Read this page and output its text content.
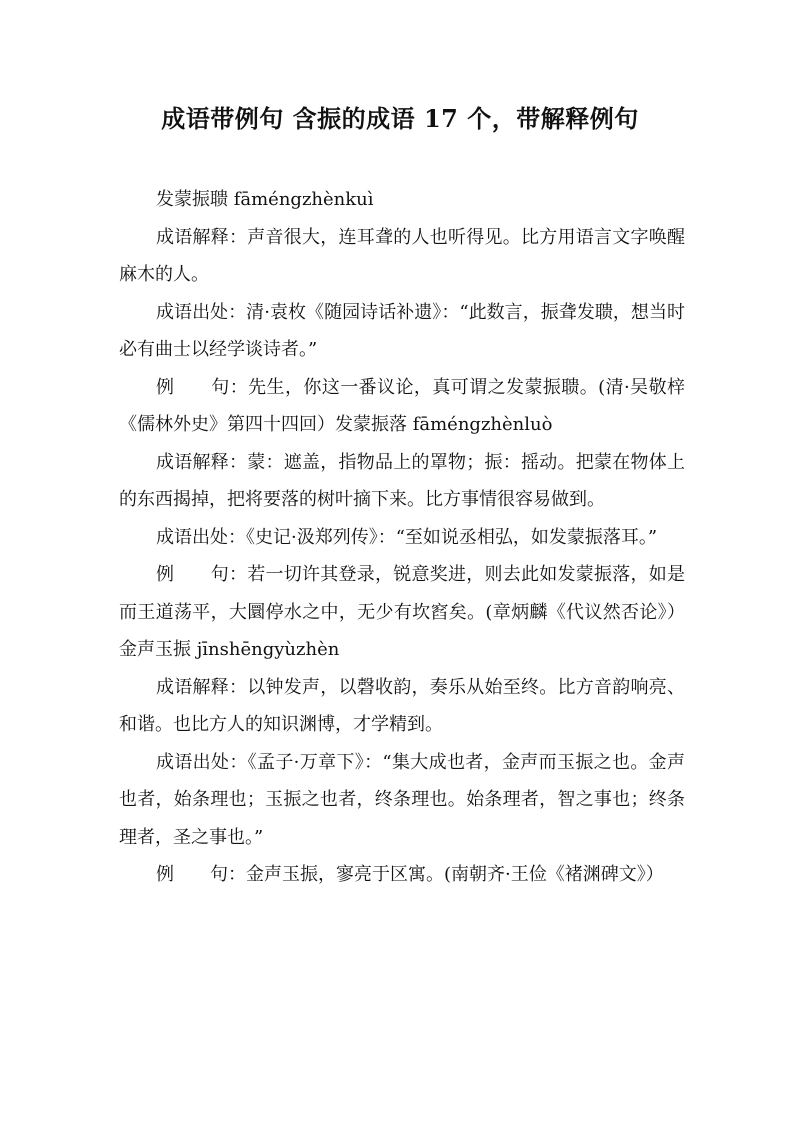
成语带例句 含振的成语 17 个，带解释例句

发蒙振聩 fāméngzhènkuì

成语解释：声音很大，连耳聋的人也听得见。比方用语言文字唤醒麻木的人。

成语出处：清·袁枚《随园诗话补遗》：“此数言，振聋发聩，想当时必有曲士以经学谈诗者。”

例　　句：先生，你这一番议论，真可谓之发蒙振聩。(清·吴敬梓《儒林外史》第四十四回）发蒙振落 fāméngzhènluò

成语解释：蒙：遮盖，指物品上的罩物；振：摇动。把蒙在物体上的东西揭掉，把将要落的树叶摘下来。比方事情很容易做到。

成语出处：《史记·汲郑列传》：“至如说丞相弘，如发蒙振落耳。”

例　　句：若一切许其登录，锐意奖进，则去此如发蒙振落，如是而王道荡平，大圜停水之中，无少有坎窞矣。(章炳麟《代议然否论》）金声玉振 jīnshēngyùzhèn

成语解释：以钟发声，以磬收韵，奏乐从始至终。比方音韵响亮、和谐。也比方人的知识渊博，才学精到。

成语出处：《孟子·万章下》：“集大成也者，金声而玉振之也。金声也者，始条理也；玉振之也者，终条理也。始条理者，智之事也；终条理者，圣之事也。”

例　　句：金声玉振，寥亮于区寓。(南朝齐·王俭《褚渊碑文》）
